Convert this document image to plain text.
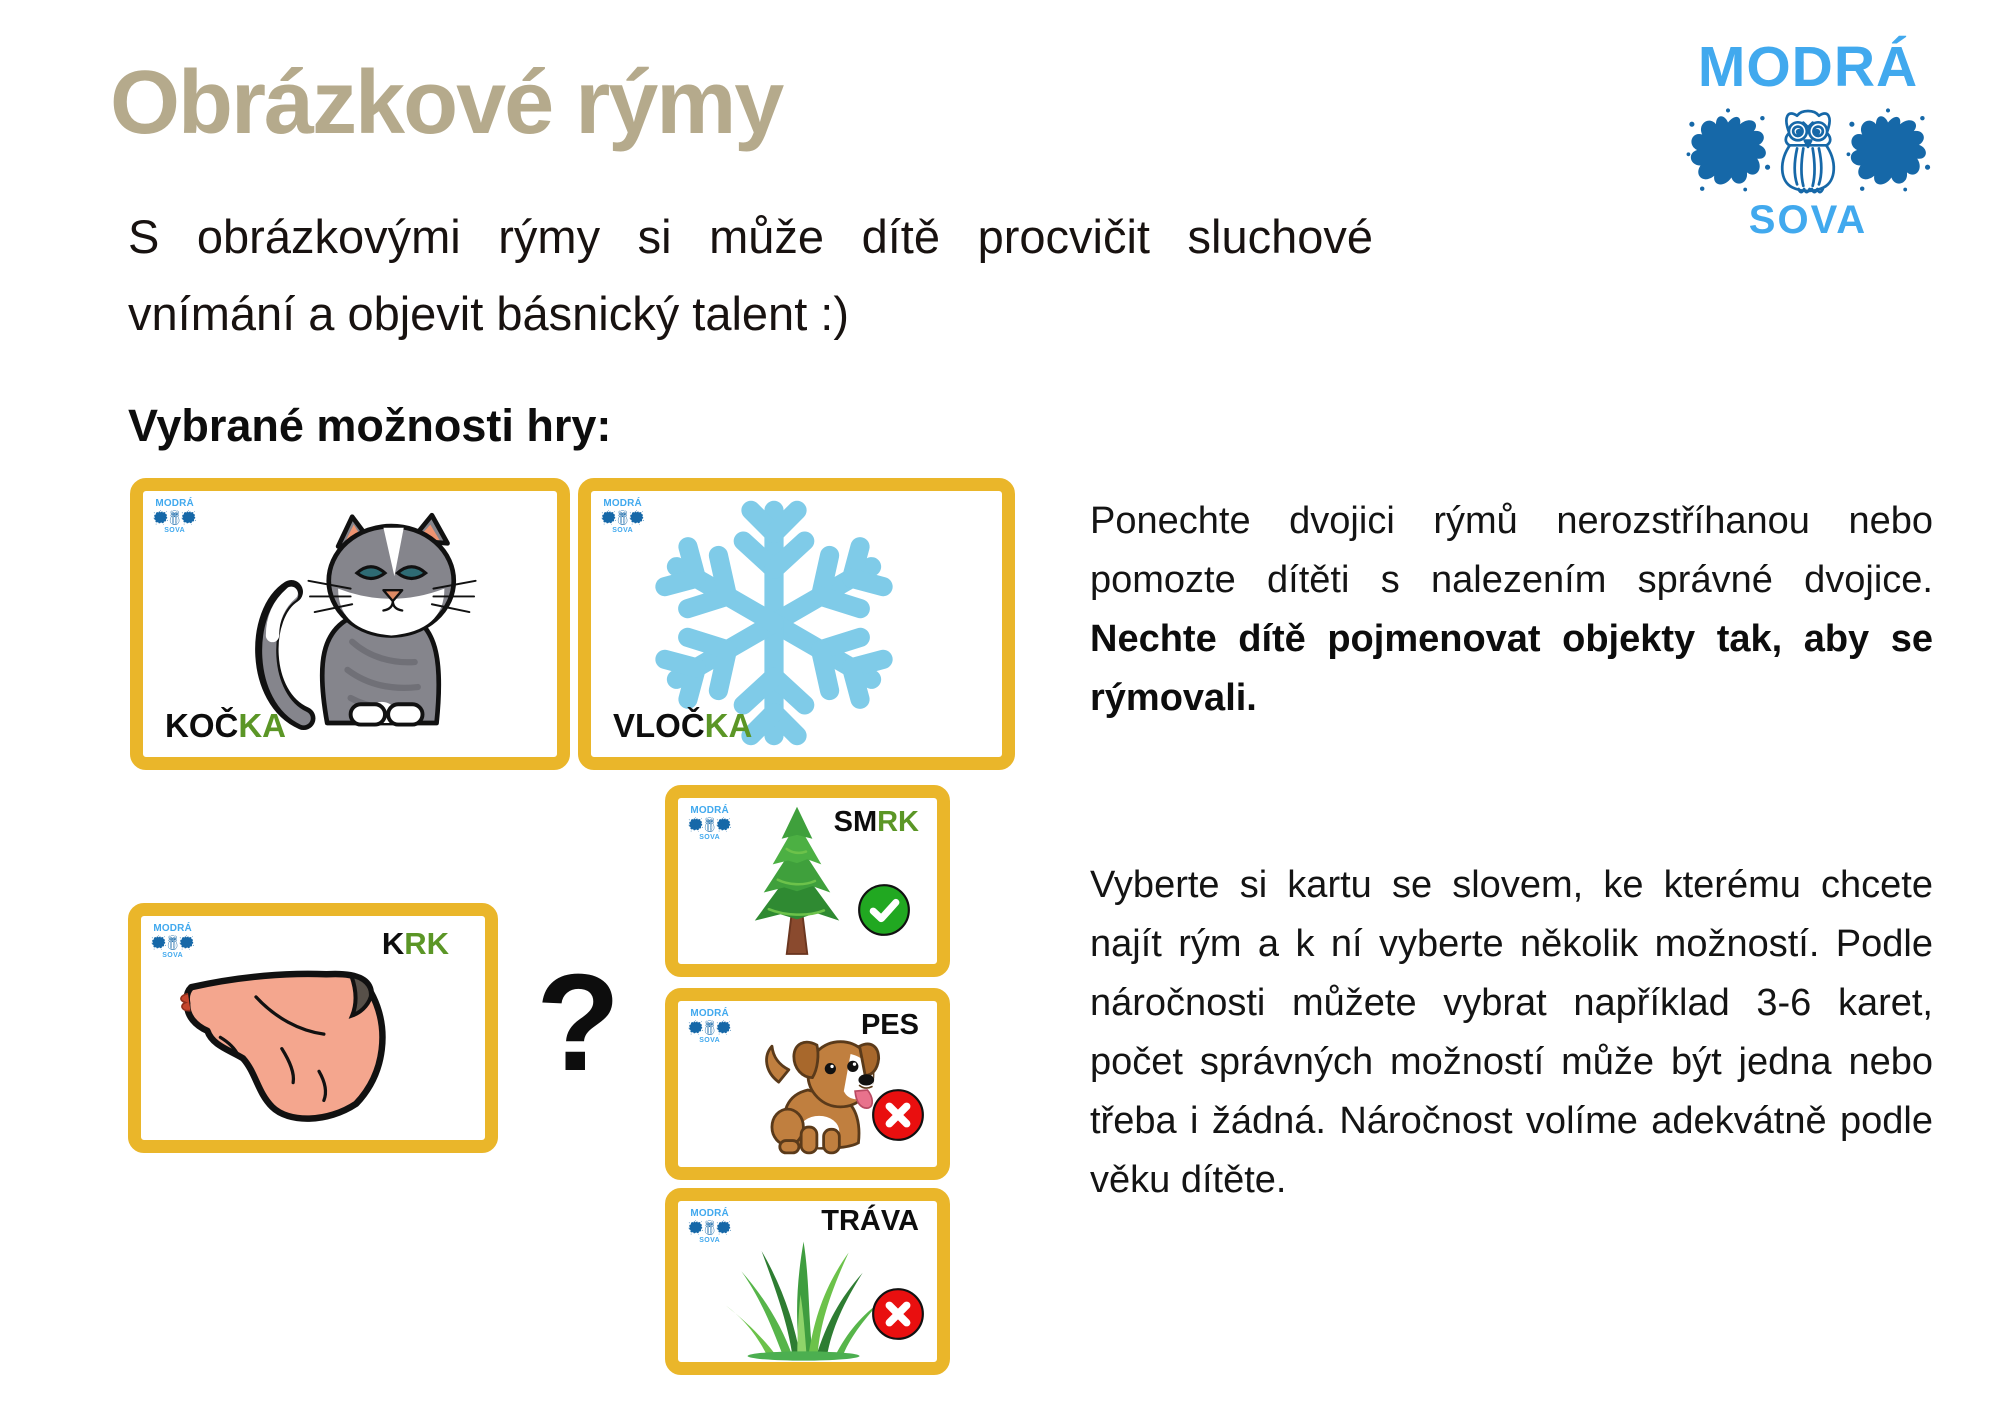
Obrázkové rýmy
S obrázkovými rýmy si může dítě procvičit sluchové vnímání a objevit básnický talent :)
MODRÁ
SOVA
Vybrané možnosti hry:
MODRÁ
SOVA
KOČKA
MODRÁ
SOVA
VLOČKA
MODRÁ
SOVA	KRK
?
MODRÁ
SOVA	SMRK
MODRÁ
SOVA	PES
MODRÁ
SOVA
TRÁVA
Ponechte dvojici rýmů nerozstříhanou nebo pomozte dítěti s nalezením správné dvojice. Nechte dítě pojmenovat objekty tak, aby se rýmovali.
Vyberte si kartu se slovem, ke kterému chcete najít rým a k ní vyberte několik možností. Podle náročnosti můžete vybrat například 3-6 karet, počet správných možností může být jedna nebo třeba i žádná. Náročnost volíme adekvátně podle věku dítěte.
